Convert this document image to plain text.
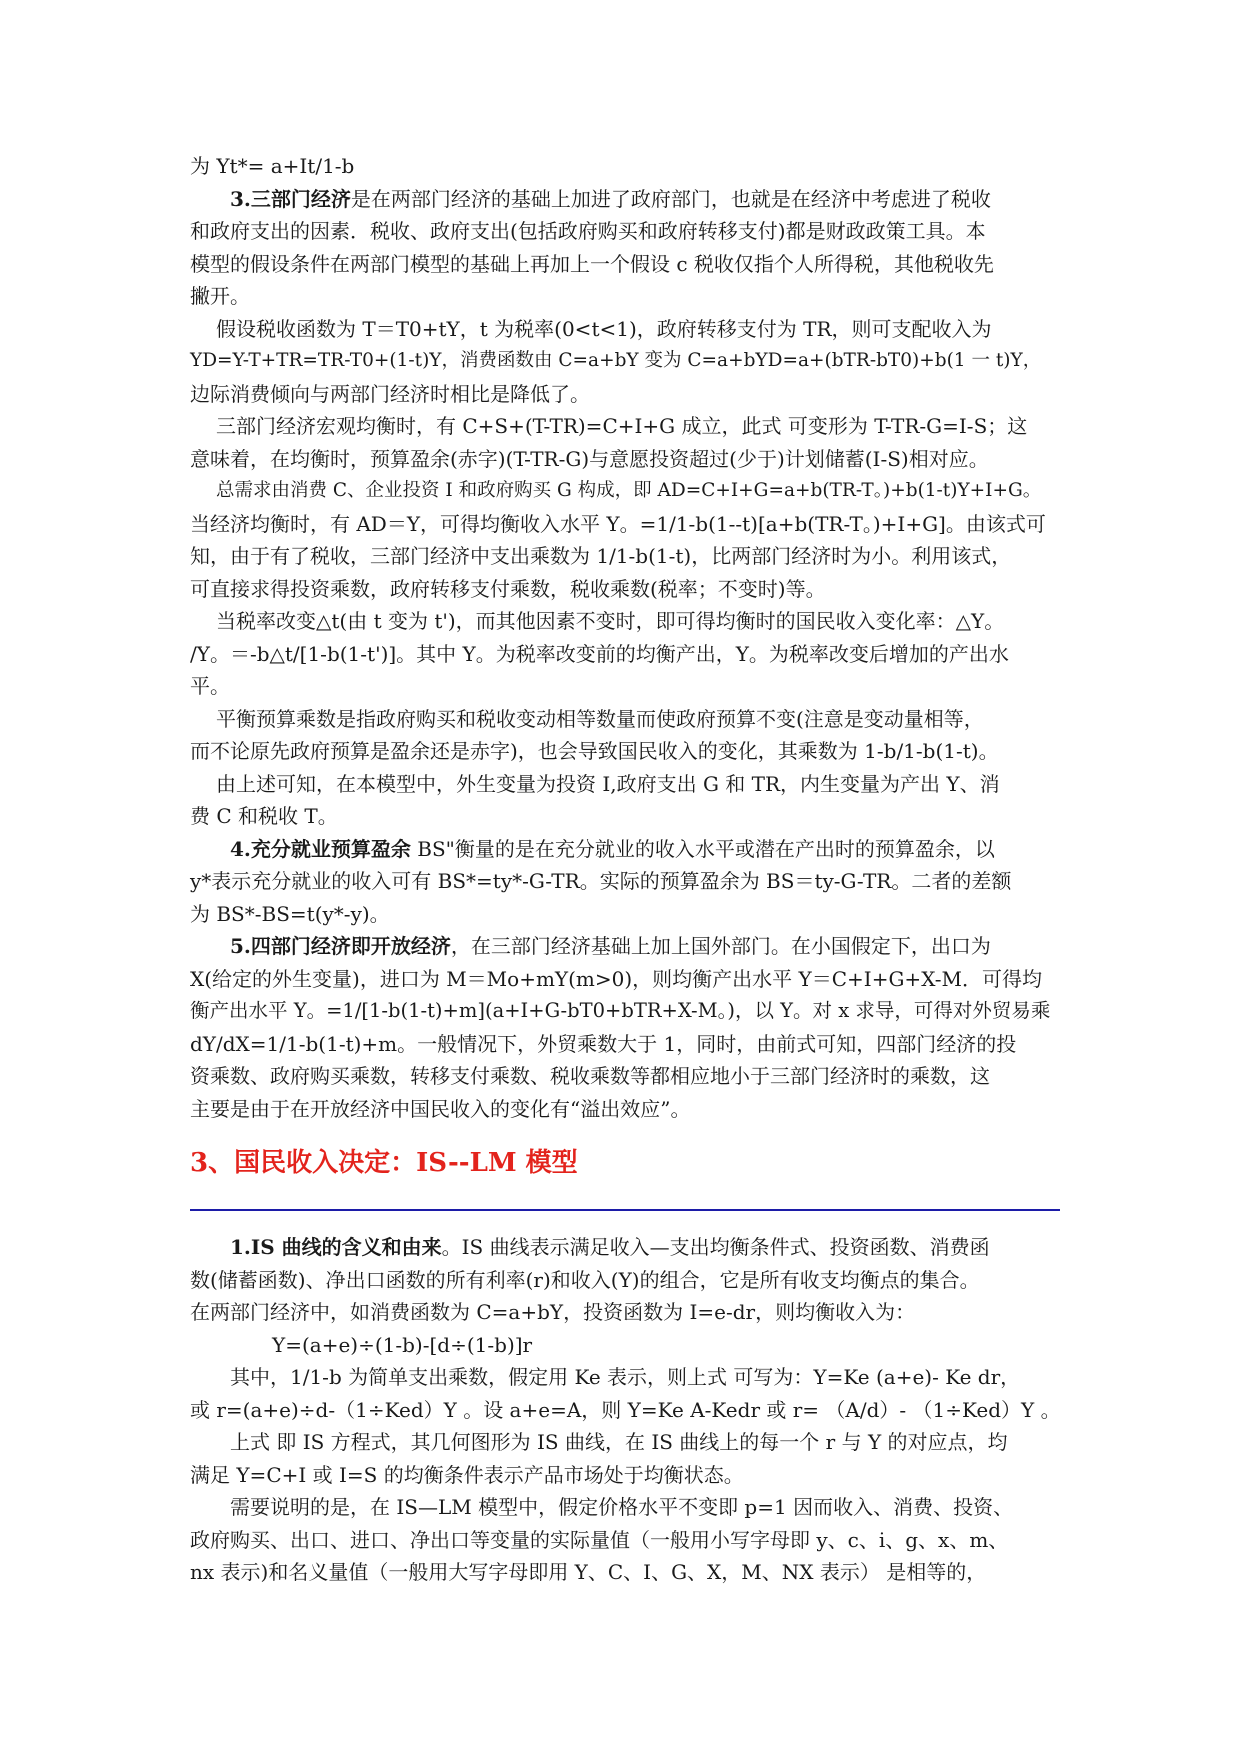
为 Yt*= a+It/1-b
3.三部门经济是在两部门经济的基础上加进了政府部门，也就是在经济中考虑进了税收
和政府支出的因素．税收、政府支出(包括政府购买和政府转移支付)都是财政政策工具。本
模型的假设条件在两部门模型的基础上再加上一个假设 c 税收仅指个人所得税，其他税收先
撇开。
假设税收函数为 T＝T0+tY，t 为税率(0<t<1)，政府转移支付为 TR，则可支配收入为
YD=Y-T+TR=TR-T0+(1-t)Y，消费函数由 C=a+bY 变为 C=a+bYD=a+(bTR-bT0)+b(1 一 t)Y，
边际消费倾向与两部门经济时相比是降低了。
三部门经济宏观均衡时，有 C+S+(T-TR)=C+I+G 成立，此式 可变形为 T-TR-G=I-S；这
意味着，在均衡时，预算盈余(赤字)(T-TR-G)与意愿投资超过(少于)计划储蓄(I-S)相对应。
总需求由消费 C、企业投资 I 和政府购买 G 构成，即 AD=C+I+G=a+b(TR-T。)+b(1-t)Y+I+G。
当经济均衡时，有 AD＝Y，可得均衡收入水平 Y。=1/1-b(1--t)[a+b(TR-T。)+I+G]。由该式可
知，由于有了税收，三部门经济中支出乘数为 1/1-b(1-t)，比两部门经济时为小。利用该式，
可直接求得投资乘数，政府转移支付乘数，税收乘数(税率；不变时)等。
当税率改变△t(由 t 变为 t')，而其他因素不变时，即可得均衡时的国民收入变化率：△Y。
/Y。＝-b△t/[1-b(1-t')]。其中 Y。为税率改变前的均衡产出，Y。为税率改变后增加的产出水
平。
平衡预算乘数是指政府购买和税收变动相等数量而使政府预算不变(注意是变动量相等，
而不论原先政府预算是盈余还是赤字)，也会导致国民收入的变化，其乘数为 1-b/1-b(1-t)。
由上述可知，在本模型中，外生变量为投资 I,政府支出 G 和 TR，内生变量为产出 Y、消
费 C 和税收 T。
4.充分就业预算盈余 BS"衡量的是在充分就业的收入水平或潜在产出时的预算盈余，以
y*表示充分就业的收入可有 BS*=ty*-G-TR。实际的预算盈余为 BS＝ty-G-TR。二者的差额
为 BS*-BS=t(y*-y)。
5.四部门经济即开放经济，在三部门经济基础上加上国外部门。在小国假定下，出口为
X(给定的外生变量)，进口为 M＝Mo+mY(m>0)，则均衡产出水平 Y＝C+I+G+X-M．可得均
衡产出水平 Y。=1/[1-b(1-t)+m](a+I+G-bT0+bTR+X-M。)，以 Y。对 x 求导，可得对外贸易乘
dY/dX=1/1-b(1-t)+m。一般情况下，外贸乘数大于 1，同时，由前式可知，四部门经济的投
资乘数、政府购买乘数，转移支付乘数、税收乘数等都相应地小于三部门经济时的乘数，这
主要是由于在开放经济中国民收入的变化有“溢出效应”。
3、国民收入决定：IS--LM 模型
1.IS 曲线的含义和由来。IS 曲线表示满足收入—支出均衡条件式、投资函数、消费函
数(储蓄函数)、净出口函数的所有利率(r)和收入(Y)的组合，它是所有收支均衡点的集合。
在两部门经济中，如消费函数为 C=a+bY，投资函数为 I=e-dr，则均衡收入为：
Y=(a+e)÷(1-b)-[d÷(1-b)]r
其中，1/1-b 为简单支出乘数，假定用 Ke 表示，则上式 可写为：Y=Ke (a+e)- Ke dr，
或 r=(a+e)÷d-（1÷Ked）Y 。设 a+e=A，则 Y=Ke A-Kedr 或 r= （A/d）- （1÷Ked）Y 。
上式 即 IS 方程式，其几何图形为 IS 曲线，在 IS 曲线上的每一个 r 与 Y 的对应点，均
满足 Y=C+I 或 I=S 的均衡条件表示产品市场处于均衡状态。
需要说明的是，在 IS—LM 模型中，假定价格水平不变即 p=1 因而收入、消费、投资、
政府购买、出口、进口、净出口等变量的实际量值（一般用小写字母即 y、c、i、g、x、m、
nx 表示)和名义量值（一般用大写字母即用 Y、C、I、G、X，M、NX 表示） 是相等的，
